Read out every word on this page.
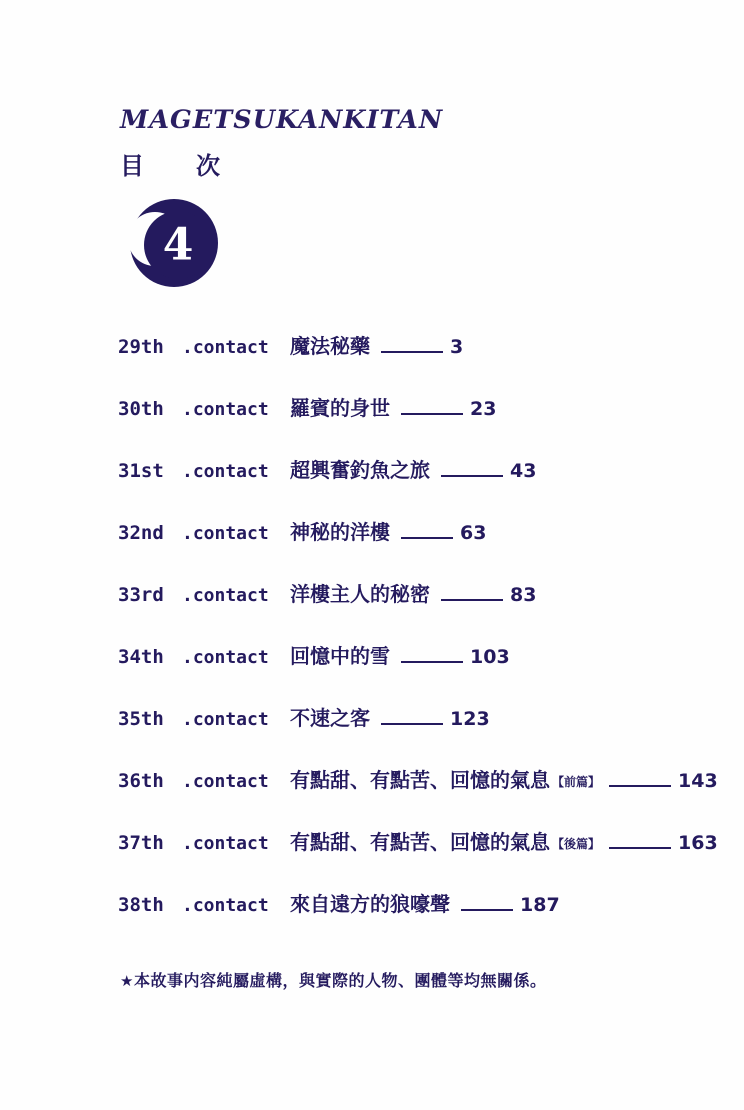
MAGETSUKANKITAN
目　次
4
29th	.contact	魔法秘藥	3
30th	.contact	羅賓的身世	23
31st	.contact	超興奮釣魚之旅	43
32nd	.contact	神秘的洋樓	63
33rd	.contact	洋樓主人的秘密	83
34th	.contact	回憶中的雪	103
35th	.contact	不速之客	123
36th	.contact	有點甜、有點苦、回憶的氣息 【前篇】	143
37th	.contact	有點甜、有點苦、回憶的氣息 【後篇】	163
38th	.contact	來自遠方的狼嚎聲	187
★本故事内容純屬虛構，與實際的人物、團體等均無關係。
